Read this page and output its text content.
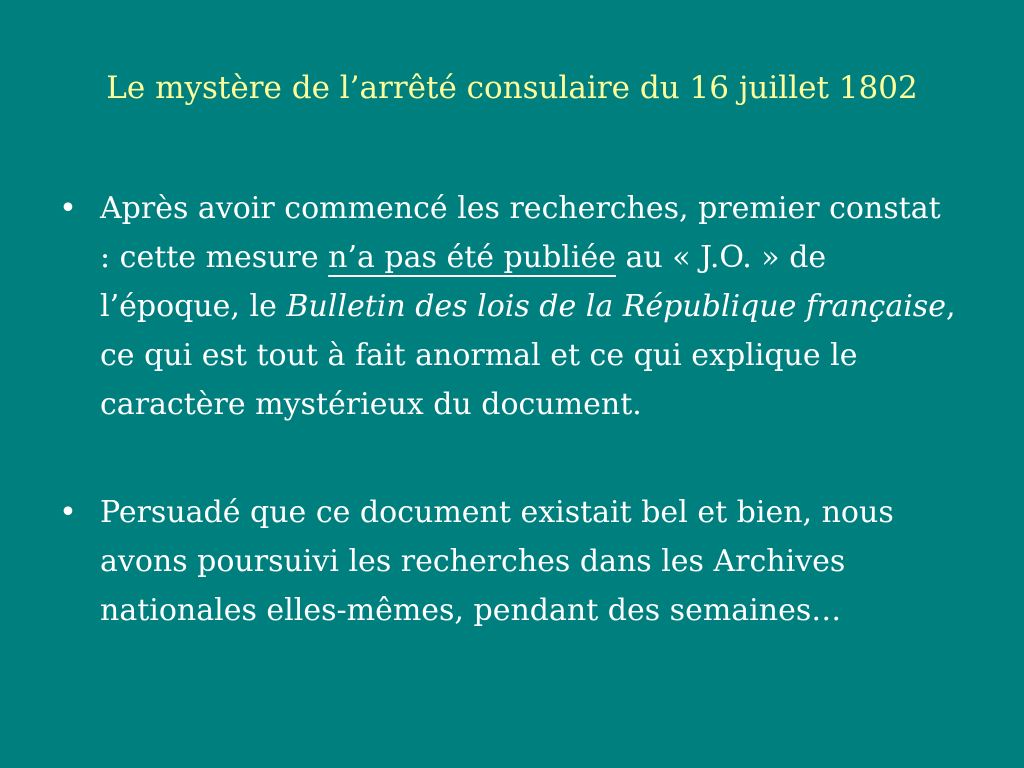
Le mystère de l’arrêté consulaire du 16 juillet 1802
• Après avoir commencé les recherches, premier constat : cette mesure n’a pas été publiée au « J.O. » de l’époque, le Bulletin des lois de la République française, ce qui est tout à fait anormal et ce qui explique le caractère mystérieux du document.
• Persuadé que ce document existait bel et bien, nous avons poursuivi les recherches dans les Archives nationales elles-mêmes, pendant des semaines…
